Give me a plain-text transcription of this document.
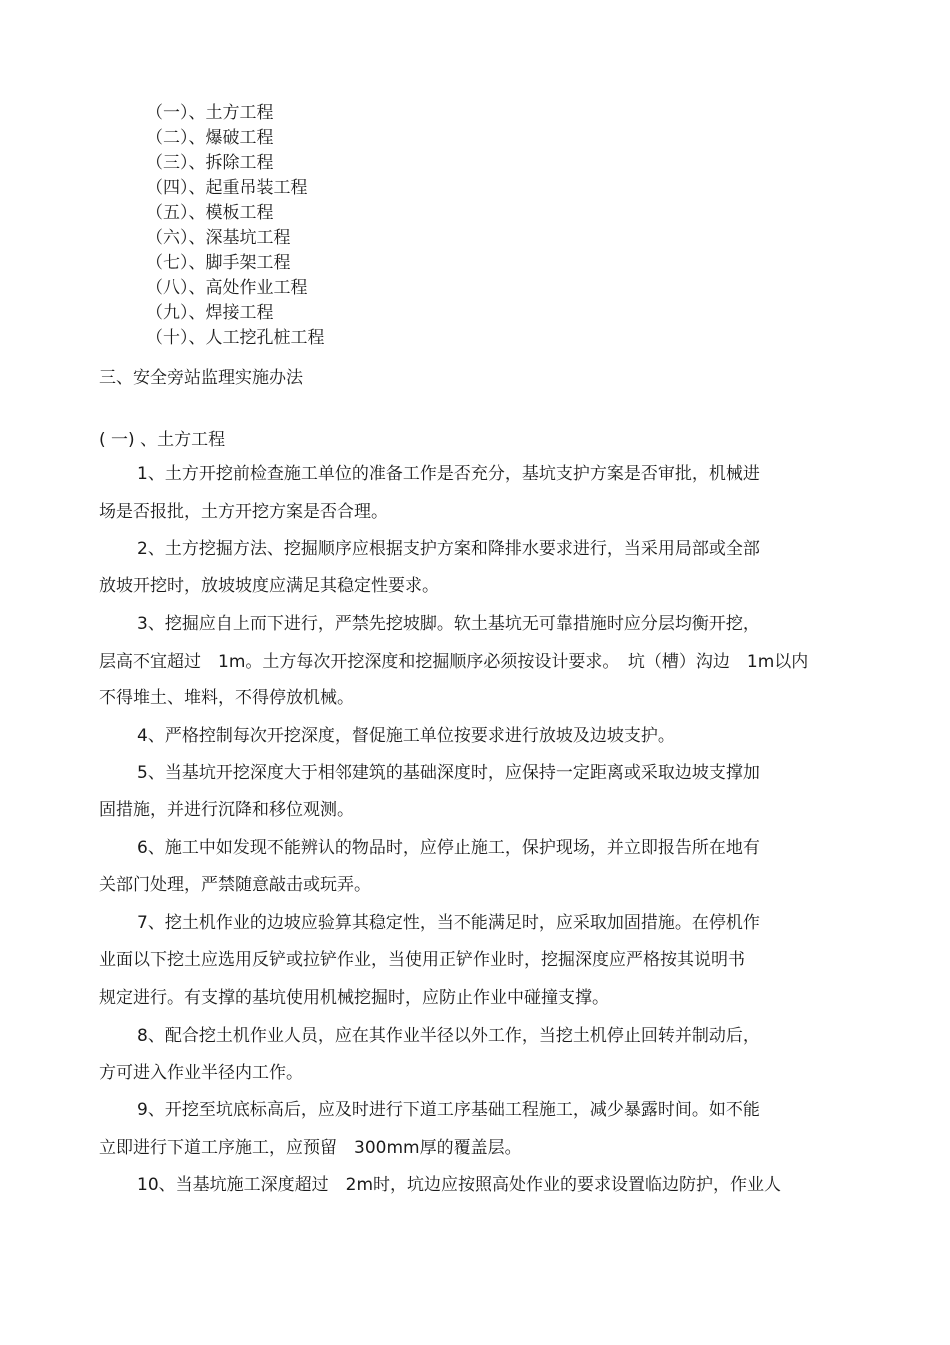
（一）、土方工程
（二）、爆破工程
（三）、拆除工程
（四）、起重吊装工程
（五）、模板工程
（六）、深基坑工程
（七）、脚手架工程
（八）、高处作业工程
（九）、焊接工程
（十）、人工挖孔桩工程
三、安全旁站监理实施办法
( 一) 、土方工程
1、土方开挖前检查施工单位的准备工作是否充分，基坑支护方案是否审批，机械进
场是否报批，土方开挖方案是否合理。
2、土方挖掘方法、挖掘顺序应根据支护方案和降排水要求进行，当采用局部或全部
放坡开挖时，放坡坡度应满足其稳定性要求。
3、挖掘应自上而下进行，严禁先挖坡脚。软土基坑无可靠措施时应分层均衡开挖，
层高不宜超过　1m。土方每次开挖深度和挖掘顺序必须按设计要求。　坑（槽）沟边　1m以内
不得堆土、堆料，不得停放机械。
4、严格控制每次开挖深度，督促施工单位按要求进行放坡及边坡支护。
5、当基坑开挖深度大于相邻建筑的基础深度时，应保持一定距离或采取边坡支撑加
固措施，并进行沉降和移位观测。
6、施工中如发现不能辨认的物品时，应停止施工，保护现场，并立即报告所在地有
关部门处理，严禁随意敲击或玩弄。
7、挖土机作业的边坡应验算其稳定性，当不能满足时，应采取加固措施。在停机作
业面以下挖土应选用反铲或拉铲作业，当使用正铲作业时，挖掘深度应严格按其说明书
规定进行。有支撑的基坑使用机械挖掘时，应防止作业中碰撞支撑。
8、配合挖土机作业人员，应在其作业半径以外工作，当挖土机停止回转并制动后，
方可进入作业半径内工作。
9、开挖至坑底标高后，应及时进行下道工序基础工程施工，减少暴露时间。如不能
立即进行下道工序施工，应预留　300mm厚的覆盖层。
10、当基坑施工深度超过　2m时，坑边应按照高处作业的要求设置临边防护，作业人
